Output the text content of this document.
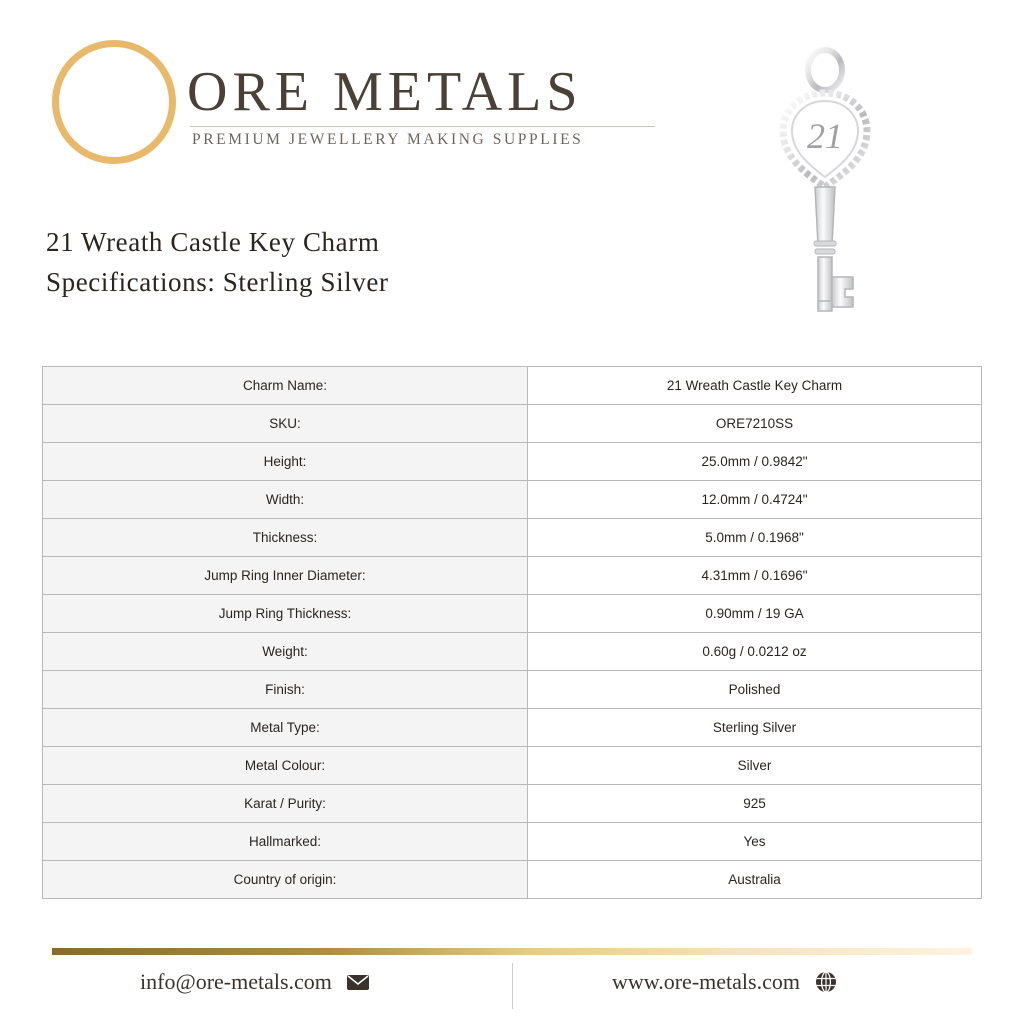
ORE METALS
PREMIUM JEWELLERY MAKING SUPPLIES
21 Wreath Castle Key Charm
Specifications: Sterling Silver
21
Charm Name:	21 Wreath Castle Key Charm
SKU:	ORE7210SS
Height:	25.0mm / 0.9842"
Width:	12.0mm / 0.4724"
Thickness:	5.0mm / 0.1968"
Jump Ring Inner Diameter:	4.31mm / 0.1696"
Jump Ring Thickness:	0.90mm / 19 GA
Weight:	0.60g / 0.0212 oz
Finish:	Polished
Metal Type:	Sterling Silver
Metal Colour:	Silver
Karat / Purity:	925
Hallmarked:	Yes
Country of origin:	Australia
info@ore-metals.com	www.ore-metals.com
